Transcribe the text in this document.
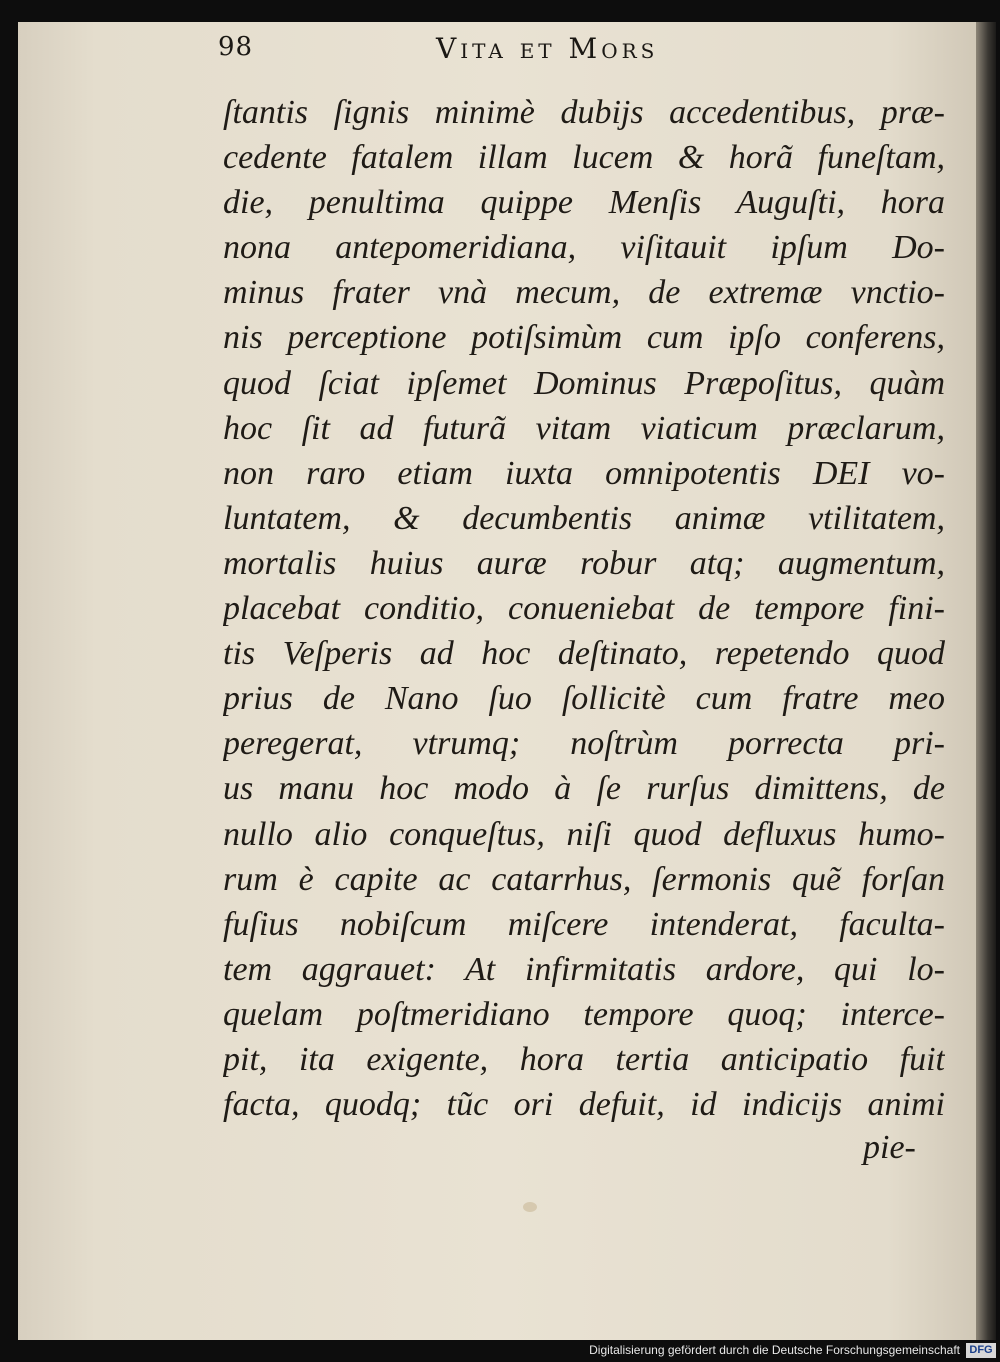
98	Vita et Mors
ſtantis ſignis minimè dubijs accedentibus, præ-
cedente fatalem illam lucem & horã funeſtam,
die, penultima quippe Menſis Auguſti, hora
nona antepomeridiana, viſitauit ipſum Do-
minus frater vnà mecum, de extremæ vnctio-
nis perceptione potiſsimùm cum ipſo conferens,
quod ſciat ipſemet Dominus Præpoſitus, quàm
hoc ſit ad futurã vitam viaticum præclarum,
non raro etiam iuxta omnipotentis DEI vo-
luntatem, & decumbentis animæ vtilitatem,
mortalis huius auræ robur atq; augmentum,
placebat conditio, conueniebat de tempore fini-
tis Veſperis ad hoc deſtinato, repetendo quod
prius de Nano ſuo ſollicitè cum fratre meo
peregerat, vtrumq; noſtrùm porrecta pri-
us manu hoc modo à ſe rurſus dimittens, de
nullo alio conqueſtus, niſi quod defluxus humo-
rum è capite ac catarrhus, ſermonis quẽ forſan
fuſius nobiſcum miſcere intenderat, faculta-
tem aggrauet: At infirmitatis ardore, qui lo-
quelam poſtmeridiano tempore quoq; interce-
pit, ita exigente, hora tertia anticipatio fuit
facta, quodq; tũc ori defuit, id indicijs animi
pie-
Digitalisierung gefördert durch die Deutsche Forschungsgemeinschaft DFG
